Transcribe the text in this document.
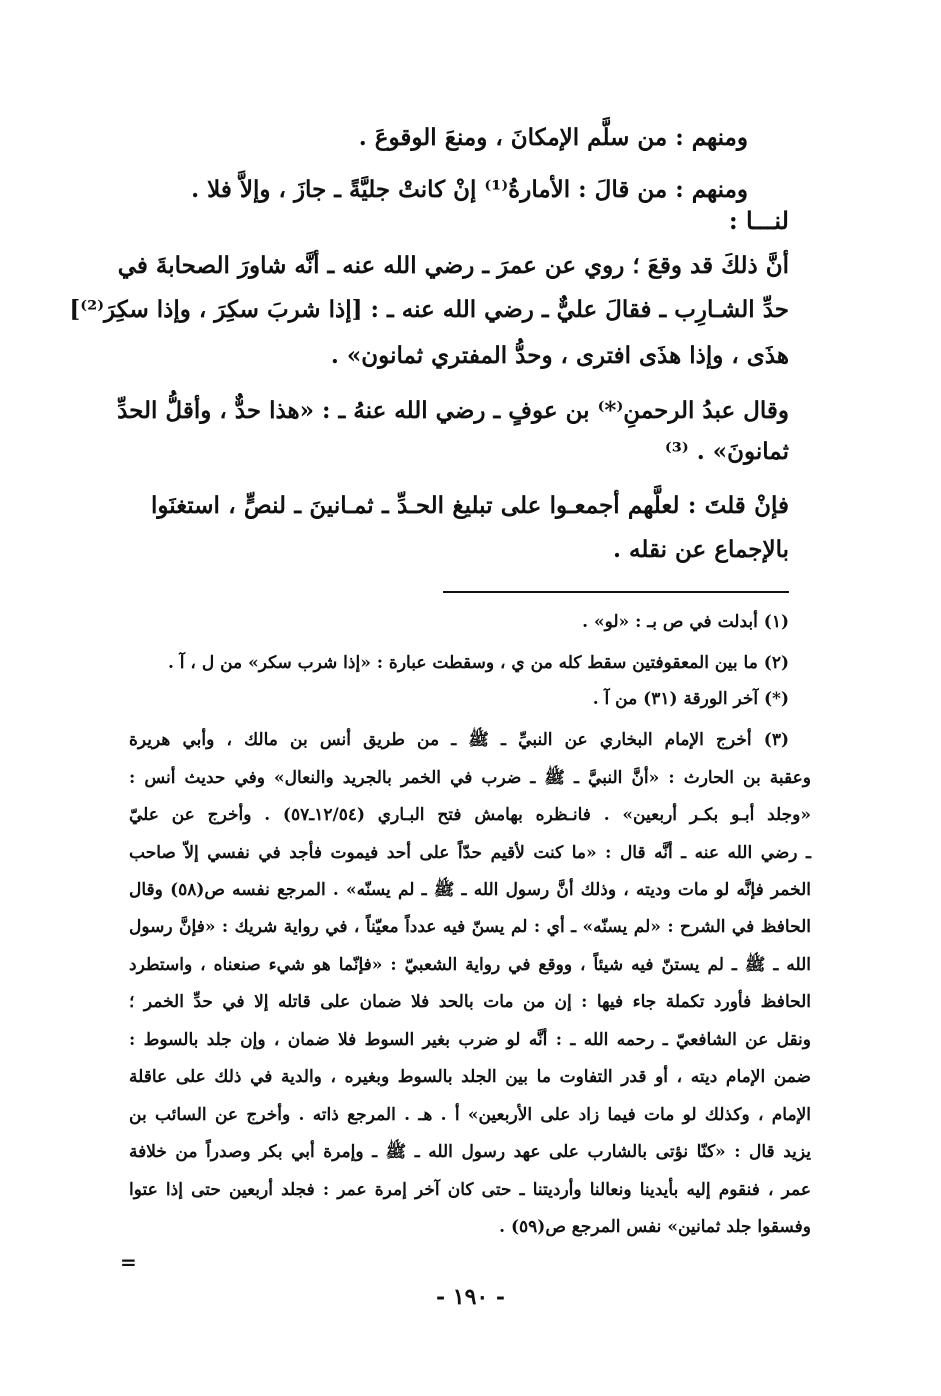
ومنهم : من سلَّم الإمكانَ ، ومنعَ الوقوعَ .
ومنهم : من قالَ : الأمارةُ⁽¹⁾ إنْ كانتْ جليَّةً ـ جازَ ، وإلاَّ فلا .
لنـــا :
أنَّ ذلكَ قد وقعَ ؛ روي عن عمرَ ـ رضي الله عنه ـ أنَّه شاورَ الصحابةَ في
حدِّ الشـارِب ـ فقالَ عليٌّ ـ رضي الله عنه ـ : [إذا شربَ سكِرَ ، وإذا سكِرَ⁽²⁾]
هذَى ، وإذا هذَى افترى ، وحدُّ المفتري ثمانون» .
وقال عبدُ الرحمنِ⁽*⁾ بن عوفٍ ـ رضي الله عنهُ ـ : «هذا حدٌّ ، وأقلُّ الحدِّ
ثمانونَ» . ⁽³⁾
فإنْ قلتَ : لعلَّهم أجمعـوا على تبليغ الحـدِّ ـ ثمـانينَ ـ لنصٍّ ، استغنَوا
بالإجماع عن نقله .
(١) أبدلت في ص بـ : «لو» .
(٢) ما بين المعقوفتين سقط كله من ي ، وسقطت عبارة : «إذا شرب سكر» من ل ، آ .
(*) آخر الورقة (٣١) من آ .
(٣) أخرج الإمام البخاري عن النبيِّ ـ ﷺ ـ من طريق أنس بن مالك ، وأبي هريرة
وعقبة بن الحارث : «أنَّ النبيَّ ـ ﷺ ـ ضرب في الخمر بالجريد والنعال» وفي حديث أنس :
«وجلد أبـو بكـر أربعين» . فانـظره بهامش فتح البـاري (١٢/٥٤ـ٥٧) . وأخرج عن عليّ
ـ رضي الله عنه ـ أنَّه قال : «ما كنت لأقيم حدّاً على أحد فيموت فأجد في نفسي إلاّ صاحب
الخمر فإنَّه لو مات وديته ، وذلك أنَّ رسول الله ـ ﷺ ـ لم يسنّه» . المرجع نفسه ص(٥٨) وقال
الحافظ في الشرح : «لم يسنّه» ـ أي : لم يسنّ فيه عدداً معيّناً ، في رواية شريك : «فإنَّ رسول
الله ـ ﷺ ـ لم يستنّ فيه شيئاً ، ووقع في رواية الشعبيّ : «فإنّما هو شيء صنعناه ، واستطرد
الحافظ فأورد تكملة جاء فيها : إن من مات بالحد فلا ضمان على قاتله إلا في حدِّ الخمر ؛
ونقل عن الشافعيّ ـ رحمه الله ـ : أنَّه لو ضرب بغير السوط فلا ضمان ، وإن جلد بالسوط :
ضمن الإمام ديته ، أو قدر التفاوت ما بين الجلد بالسوط وبغيره ، والدية في ذلك على عاقلة
الإمام ، وكذلك لو مات فيما زاد على الأربعين» أ . هـ . المرجع ذاته . وأخرج عن السائب بن
يزيد قال : «كنّا نؤتى بالشارب على عهد رسول الله ـ ﷺ ـ وإمرة أبي بكر وصدراً من خلافة
عمر ، فنقوم إليه بأيدينا ونعالنا وأرديتنا ـ حتى كان آخر إمرة عمر : فجلد أربعين حتى إذا عتوا
وفسقوا جلد ثمانين» نفس المرجع ص(٥٩) .
=
- ١٩٠ -
